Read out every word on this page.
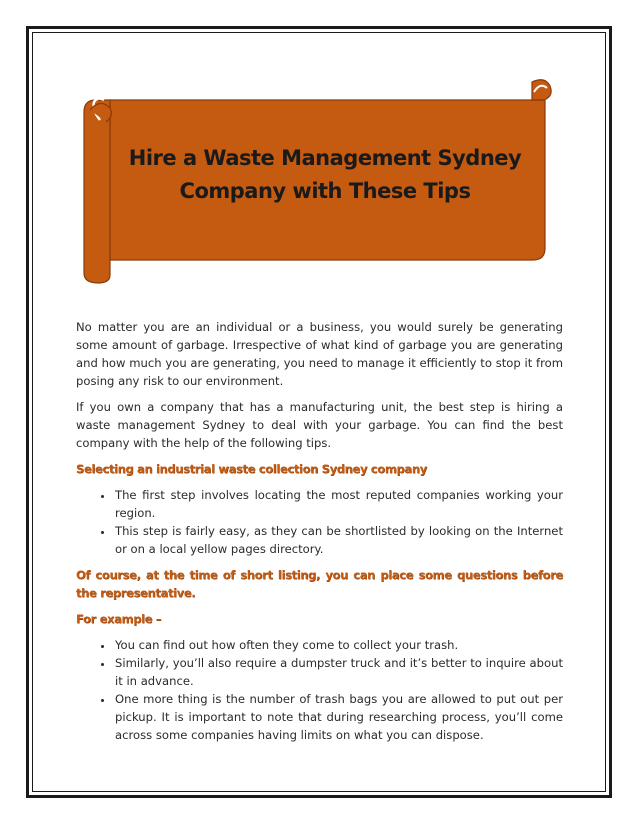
Hire a Waste Management Sydney
Company with These Tips

No matter you are an individual or a business, you would surely be generating some amount of garbage. Irrespective of what kind of garbage you are generating and how much you are generating, you need to manage it efficiently to stop it from posing any risk to our environment.

If you own a company that has a manufacturing unit, the best step is hiring a waste management Sydney to deal with your garbage. You can find the best company with the help of the following tips.

Selecting an industrial waste collection Sydney company
• The first step involves locating the most reputed companies working your region.
• This step is fairly easy, as they can be shortlisted by looking on the Internet or on a local yellow pages directory.
Of course, at the time of short listing, you can place some questions before the representative.
For example –
• You can find out how often they come to collect your trash.
• Similarly, you’ll also require a dumpster truck and it’s better to inquire about it in advance.
• One more thing is the number of trash bags you are allowed to put out per pickup. It is important to note that during researching process, you’ll come across some companies having limits on what you can dispose.
